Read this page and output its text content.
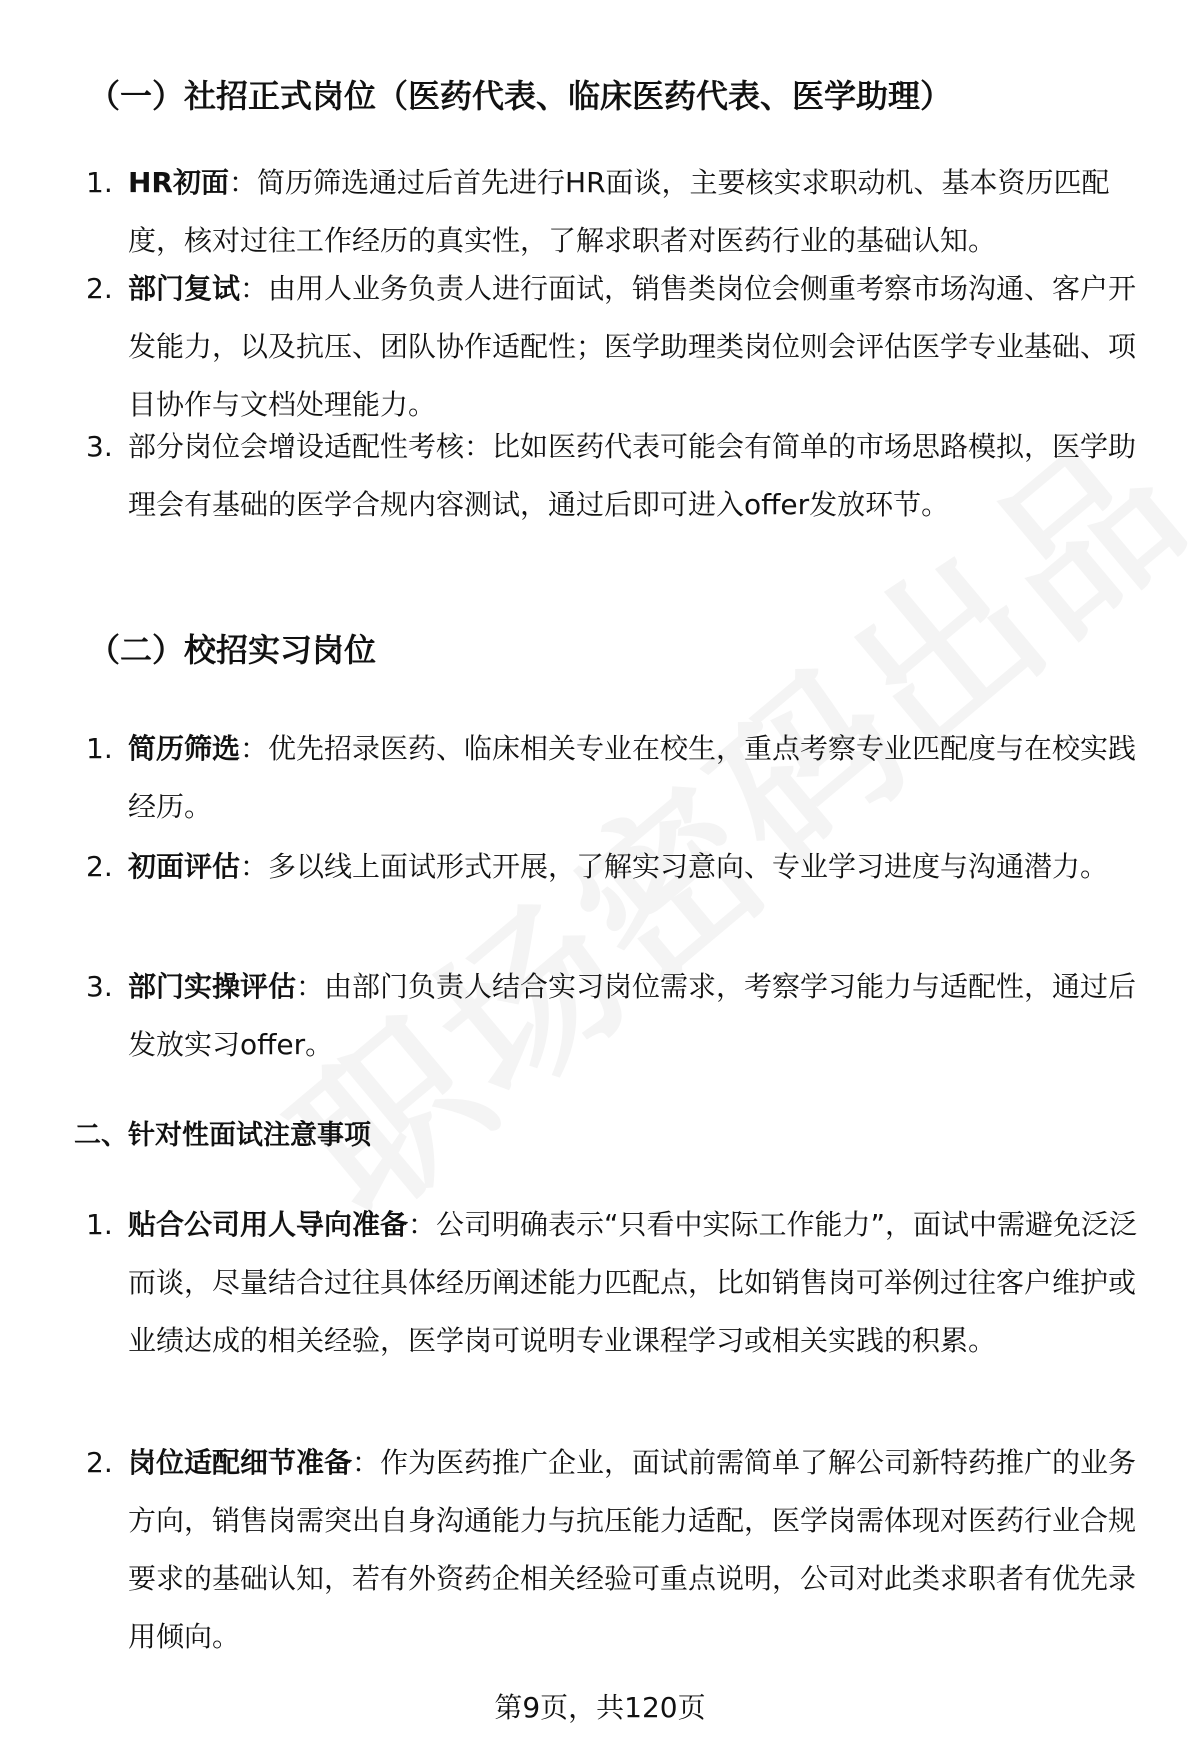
（一）社招正式岗位（医药代表、临床医药代表、医学助理）
1. HR初面：简历筛选通过后首先进行HR面谈，主要核实求职动机、基本资历匹配度，核对过往工作经历的真实性，了解求职者对医药行业的基础认知。
2. 部门复试：由用人业务负责人进行面试，销售类岗位会侧重考察市场沟通、客户开发能力，以及抗压、团队协作适配性；医学助理类岗位则会评估医学专业基础、项目协作与文档处理能力。
3. 部分岗位会增设适配性考核：比如医药代表可能会有简单的市场思路模拟，医学助理会有基础的医学合规内容测试，通过后即可进入offer发放环节。
（二）校招实习岗位
1. 简历筛选：优先招录医药、临床相关专业在校生，重点考察专业匹配度与在校实践经历。
2. 初面评估：多以线上面试形式开展，了解实习意向、专业学习进度与沟通潜力。
3. 部门实操评估：由部门负责人结合实习岗位需求，考察学习能力与适配性，通过后发放实习offer。
二、针对性面试注意事项
1. 贴合公司用人导向准备：公司明确表示“只看中实际工作能力”，面试中需避免泛泛而谈，尽量结合过往具体经历阐述能力匹配点，比如销售岗可举例过往客户维护或业绩达成的相关经验，医学岗可说明专业课程学习或相关实践的积累。
2. 岗位适配细节准备：作为医药推广企业，面试前需简单了解公司新特药推广的业务方向，销售岗需突出自身沟通能力与抗压能力适配，医学岗需体现对医药行业合规要求的基础认知，若有外资药企相关经验可重点说明，公司对此类求职者有优先录用倾向。
第9页，共120页
